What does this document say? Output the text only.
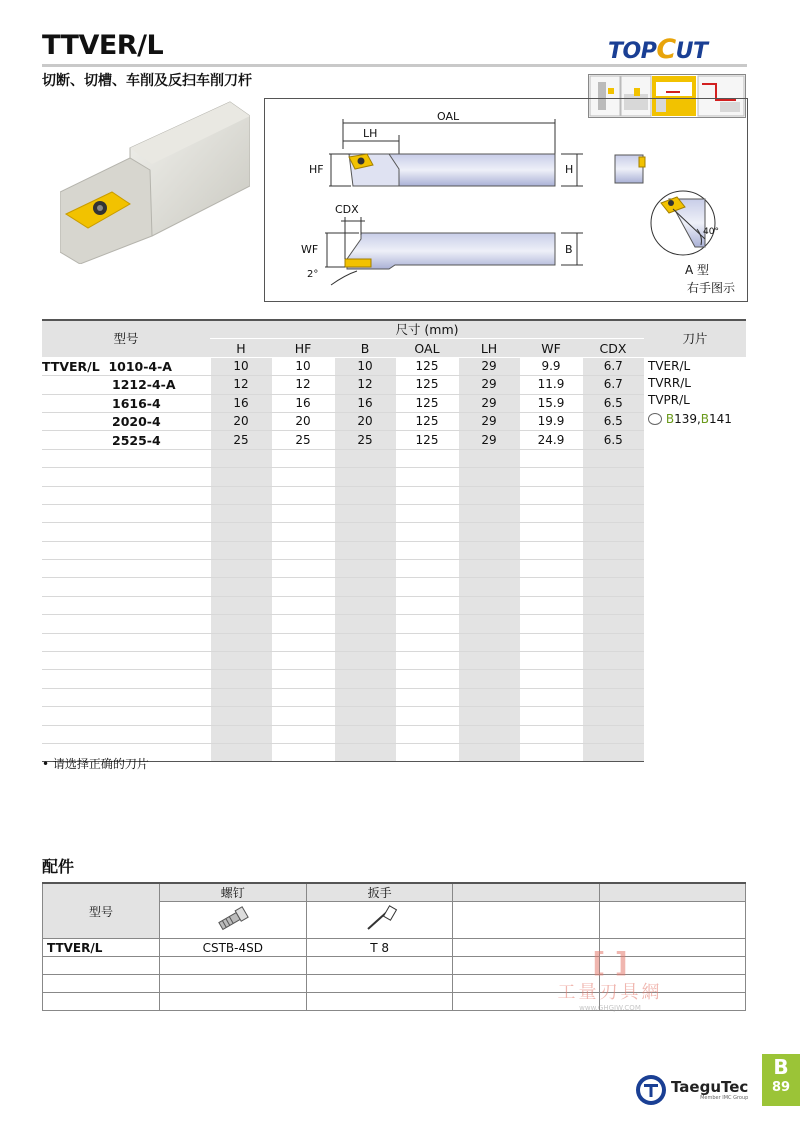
TTVER/L
切断、切槽、车削及反扫车削刀杆
TOPCUT
OAL
LH
HF	H
CDX
WF	B
2°
40°
A 型
右手图示
型号	尺寸 (mm)							刀片
	H	HF	B	OAL	LH	WF	CDX	
TTVER/L 1010-4-A	10	10	10	125	29	9.9	6.7	TVER/L
TVRR/L
TVPR/L
B139,B141

1212-4-A	12	12	12	125	29	11.9	6.7	
1616-4	16	16	16	125	29	15.9	6.5	
2020-4	20	20	20	125	29	19.9	6.5	
2525-4	25	25	25	125	29	24.9	6.5	

• 请选择正确的刀片
配件
型号	螺钉	扳手		

TTVER/L	CSTB-4SD	T 8		

					[ ]
工量刃具網
www.GHGJW.COM
TaeguTec
Member IMC Group
B
89
